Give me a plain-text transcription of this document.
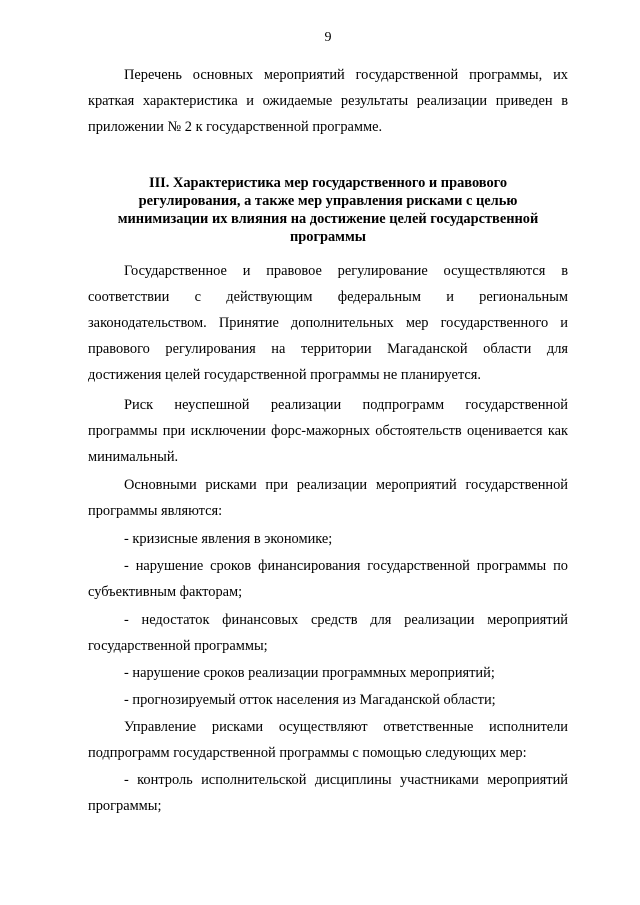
9

Перечень основных мероприятий государственной программы, их краткая характеристика и ожидаемые результаты реализации приведен в приложении № 2 к государственной программе.

III. Характеристика мер государственного и правового регулирования, а также мер управления рисками с целью минимизации их влияния на достижение целей государственной программы

Государственное и правовое регулирование осуществляются в соответствии с действующим федеральным и региональным законодательством. Принятие дополнительных мер государственного и правового регулирования на территории Магаданской области для достижения целей государственной программы не планируется.

Риск неуспешной реализации подпрограмм государственной программы при исключении форс-мажорных обстоятельств оценивается как минимальный.

Основными рисками при реализации мероприятий государственной программы являются:

- кризисные явления в экономике;

- нарушение сроков финансирования государственной программы по субъективным факторам;

- недостаток финансовых средств для реализации мероприятий государственной программы;

- нарушение сроков реализации программных мероприятий;

- прогнозируемый отток населения из Магаданской области;

Управление рисками осуществляют ответственные исполнители подпрограмм государственной программы с помощью следующих мер:

- контроль исполнительской дисциплины участниками мероприятий программы;
